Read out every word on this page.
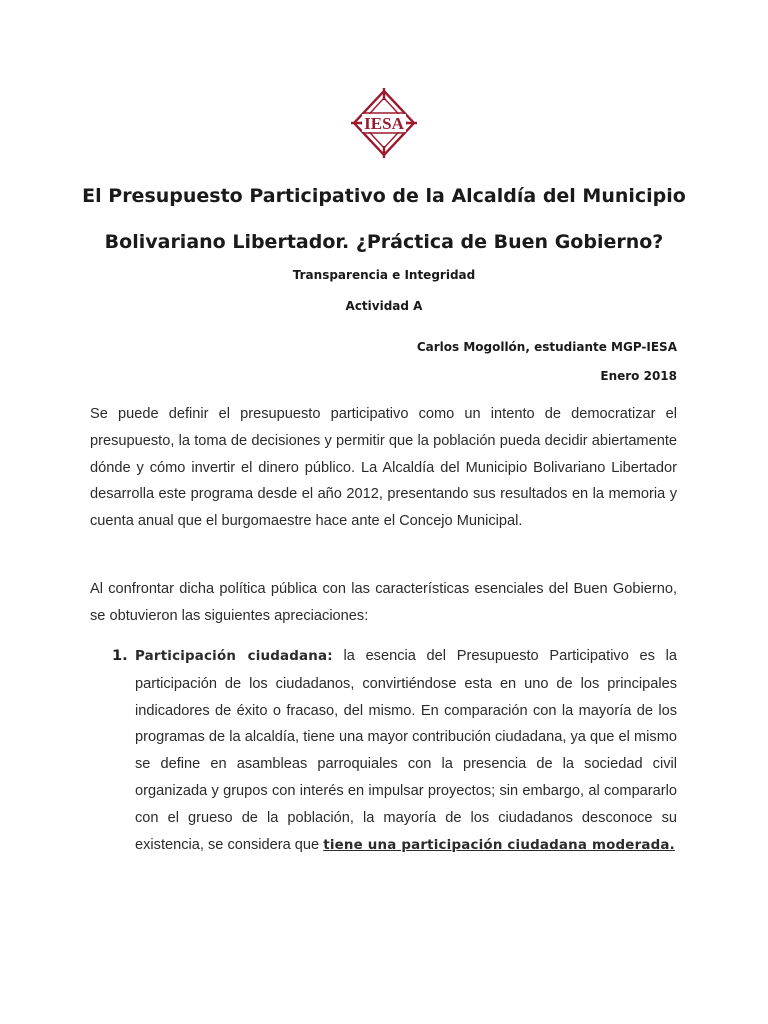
IESA
El Presupuesto Participativo de la Alcaldía del Municipio
Bolivariano Libertador. ¿Práctica de Buen Gobierno?
Transparencia e Integridad
Actividad A
Carlos Mogollón, estudiante MGP-IESA
Enero 2018

Se puede definir el presupuesto participativo como un intento de democratizar el presupuesto, la toma de decisiones y permitir que la población pueda decidir abiertamente dónde y cómo invertir el dinero público. La Alcaldía del Municipio Bolivariano Libertador desarrolla este programa desde el año 2012, presentando sus resultados en la memoria y cuenta anual que el burgomaestre hace ante el Concejo Municipal.

Al confrontar dicha política pública con las características esenciales del Buen Gobierno, se obtuvieron las siguientes apreciaciones:

1. Participación ciudadana: la esencia del Presupuesto Participativo es la participación de los ciudadanos, convirtiéndose esta en uno de los principales indicadores de éxito o fracaso, del mismo. En comparación con la mayoría de los programas de la alcaldía, tiene una mayor contribución ciudadana, ya que el mismo se define en asambleas parroquiales con la presencia de la sociedad civil organizada y grupos con interés en impulsar proyectos; sin embargo, al compararlo con el grueso de la población, la mayoría de los ciudadanos desconoce su existencia, se considera que tiene una participación ciudadana moderada.
